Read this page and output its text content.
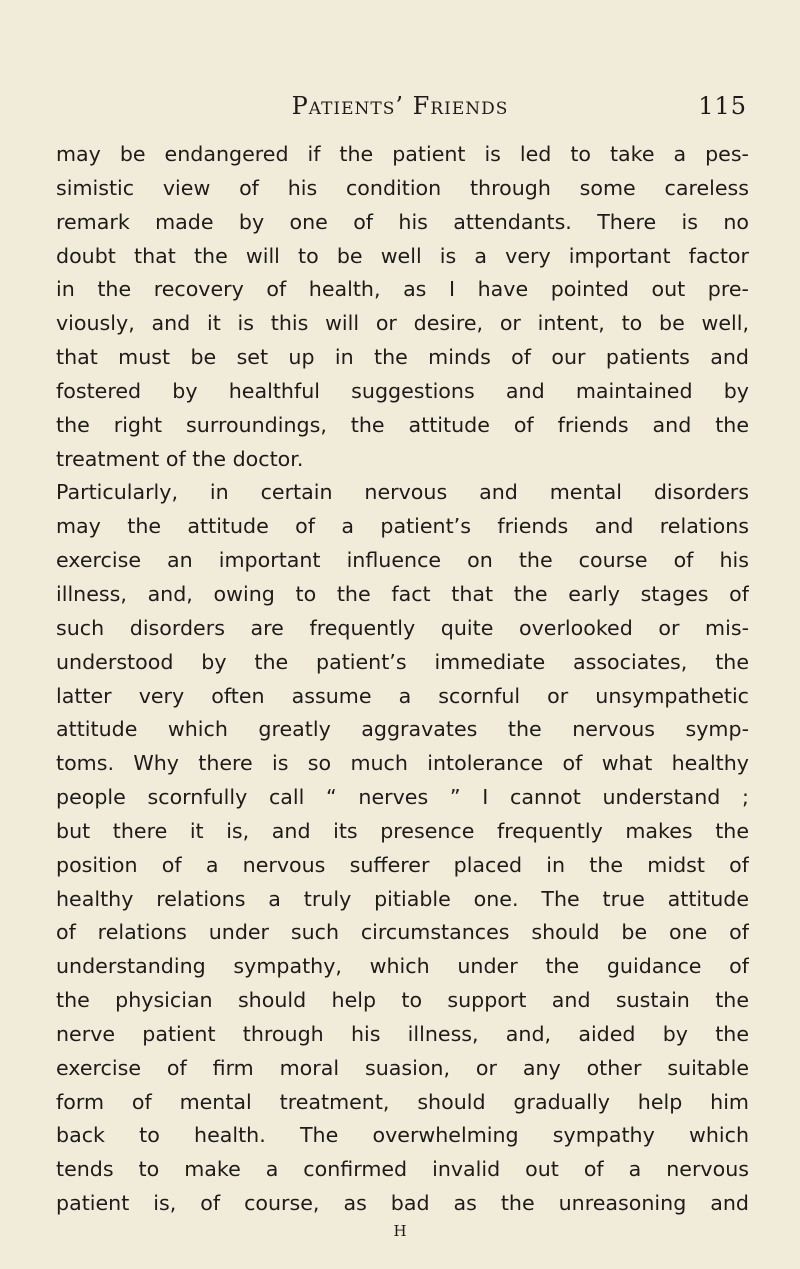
Patients’ Friends	115
may be endangered if the patient is led to take a pes-
simistic view of his condition through some careless
remark made by one of his attendants. There is no
doubt that the will to be well is a very important factor
in the recovery of health, as I have pointed out pre-
viously, and it is this will or desire, or intent, to be well,
that must be set up in the minds of our patients and
fostered by healthful suggestions and maintained by
the right surroundings, the attitude of friends and the
treatment of the doctor.
Particularly, in certain nervous and mental disorders
may the attitude of a patient’s friends and relations
exercise an important influence on the course of his
illness, and, owing to the fact that the early stages of
such disorders are frequently quite overlooked or mis-
understood by the patient’s immediate associates, the
latter very often assume a scornful or unsympathetic
attitude which greatly aggravates the nervous symp-
toms. Why there is so much intolerance of what healthy
people scornfully call “ nerves ” I cannot understand ;
but there it is, and its presence frequently makes the
position of a nervous sufferer placed in the midst of
healthy relations a truly pitiable one. The true attitude
of relations under such circumstances should be one of
understanding sympathy, which under the guidance of
the physician should help to support and sustain the
nerve patient through his illness, and, aided by the
exercise of firm moral suasion, or any other suitable
form of mental treatment, should gradually help him
back to health. The overwhelming sympathy which
tends to make a confirmed invalid out of a nervous
patient is, of course, as bad as the unreasoning and
H
